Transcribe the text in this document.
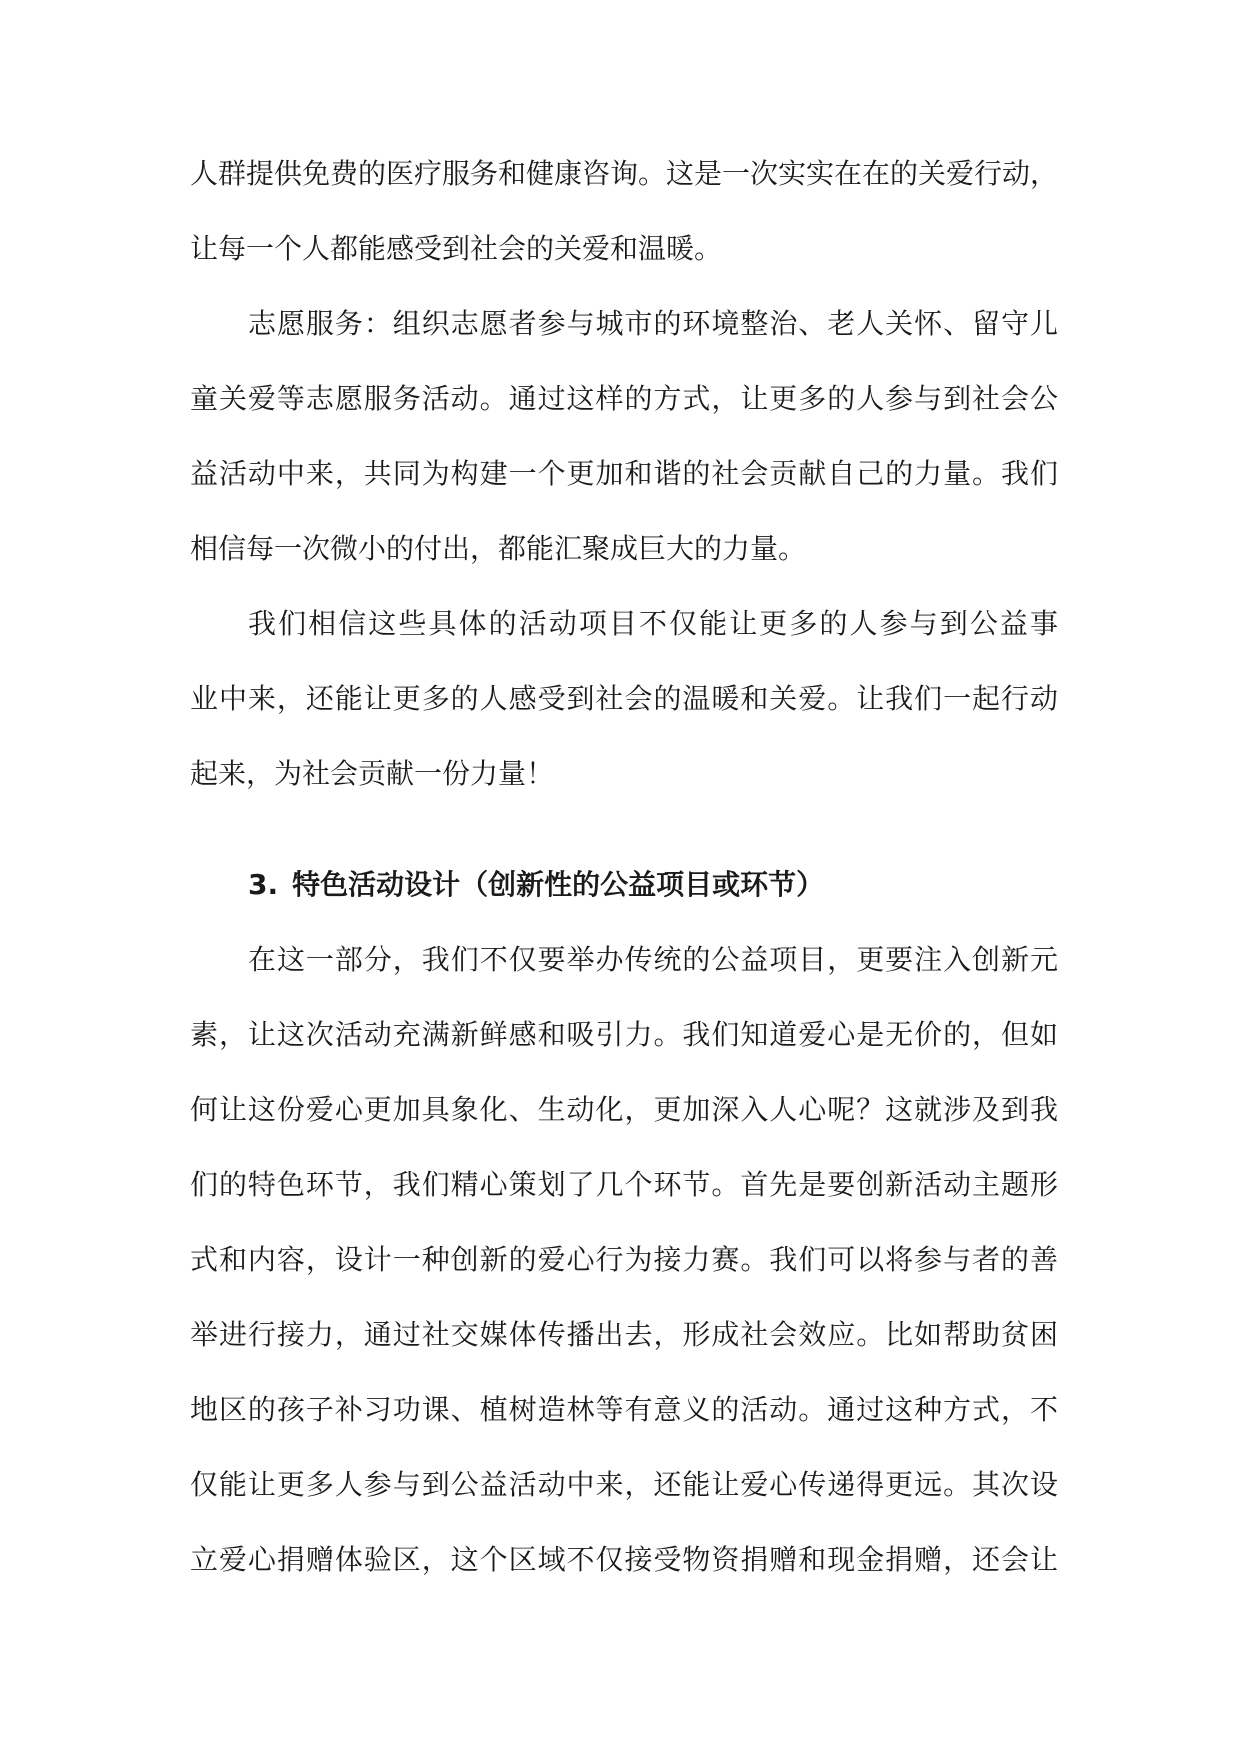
人群提供免费的医疗服务和健康咨询。这是一次实实在在的关爱行动，
让每一个人都能感受到社会的关爱和温暖。
志愿服务：组织志愿者参与城市的环境整治、老人关怀、留守儿
童关爱等志愿服务活动。通过这样的方式，让更多的人参与到社会公
益活动中来，共同为构建一个更加和谐的社会贡献自己的力量。我们
相信每一次微小的付出，都能汇聚成巨大的力量。
我们相信这些具体的活动项目不仅能让更多的人参与到公益事
业中来，还能让更多的人感受到社会的温暖和关爱。让我们一起行动
起来，为社会贡献一份力量！
3. 特色活动设计（创新性的公益项目或环节）
在这一部分，我们不仅要举办传统的公益项目，更要注入创新元
素，让这次活动充满新鲜感和吸引力。我们知道爱心是无价的，但如
何让这份爱心更加具象化、生动化，更加深入人心呢？这就涉及到我
们的特色环节，我们精心策划了几个环节。首先是要创新活动主题形
式和内容，设计一种创新的爱心行为接力赛。我们可以将参与者的善
举进行接力，通过社交媒体传播出去，形成社会效应。比如帮助贫困
地区的孩子补习功课、植树造林等有意义的活动。通过这种方式，不
仅能让更多人参与到公益活动中来，还能让爱心传递得更远。其次设
立爱心捐赠体验区，这个区域不仅接受物资捐赠和现金捐赠，还会让
